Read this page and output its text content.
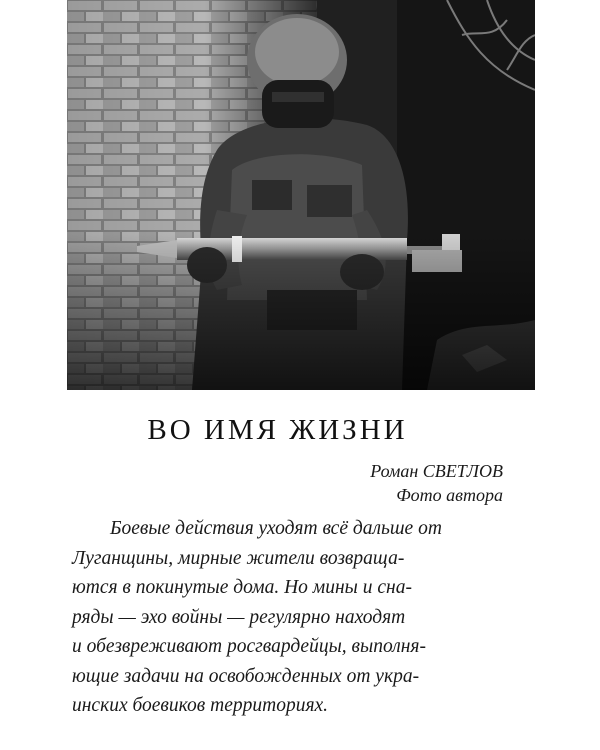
ВО ИМЯ ЖИЗНИ
Роман СВЕТЛОВ
Фото автора
Боевые действия уходят всё дальше от
Луганщины, мирные жители возвраща-
ются в покинутые дома. Но мины и сна-
ряды — эхо войны — регулярно находят
и обезвреживают росгвардейцы, выполня-
ющие задачи на освобожденных от укра-
инских боевиков территориях.
